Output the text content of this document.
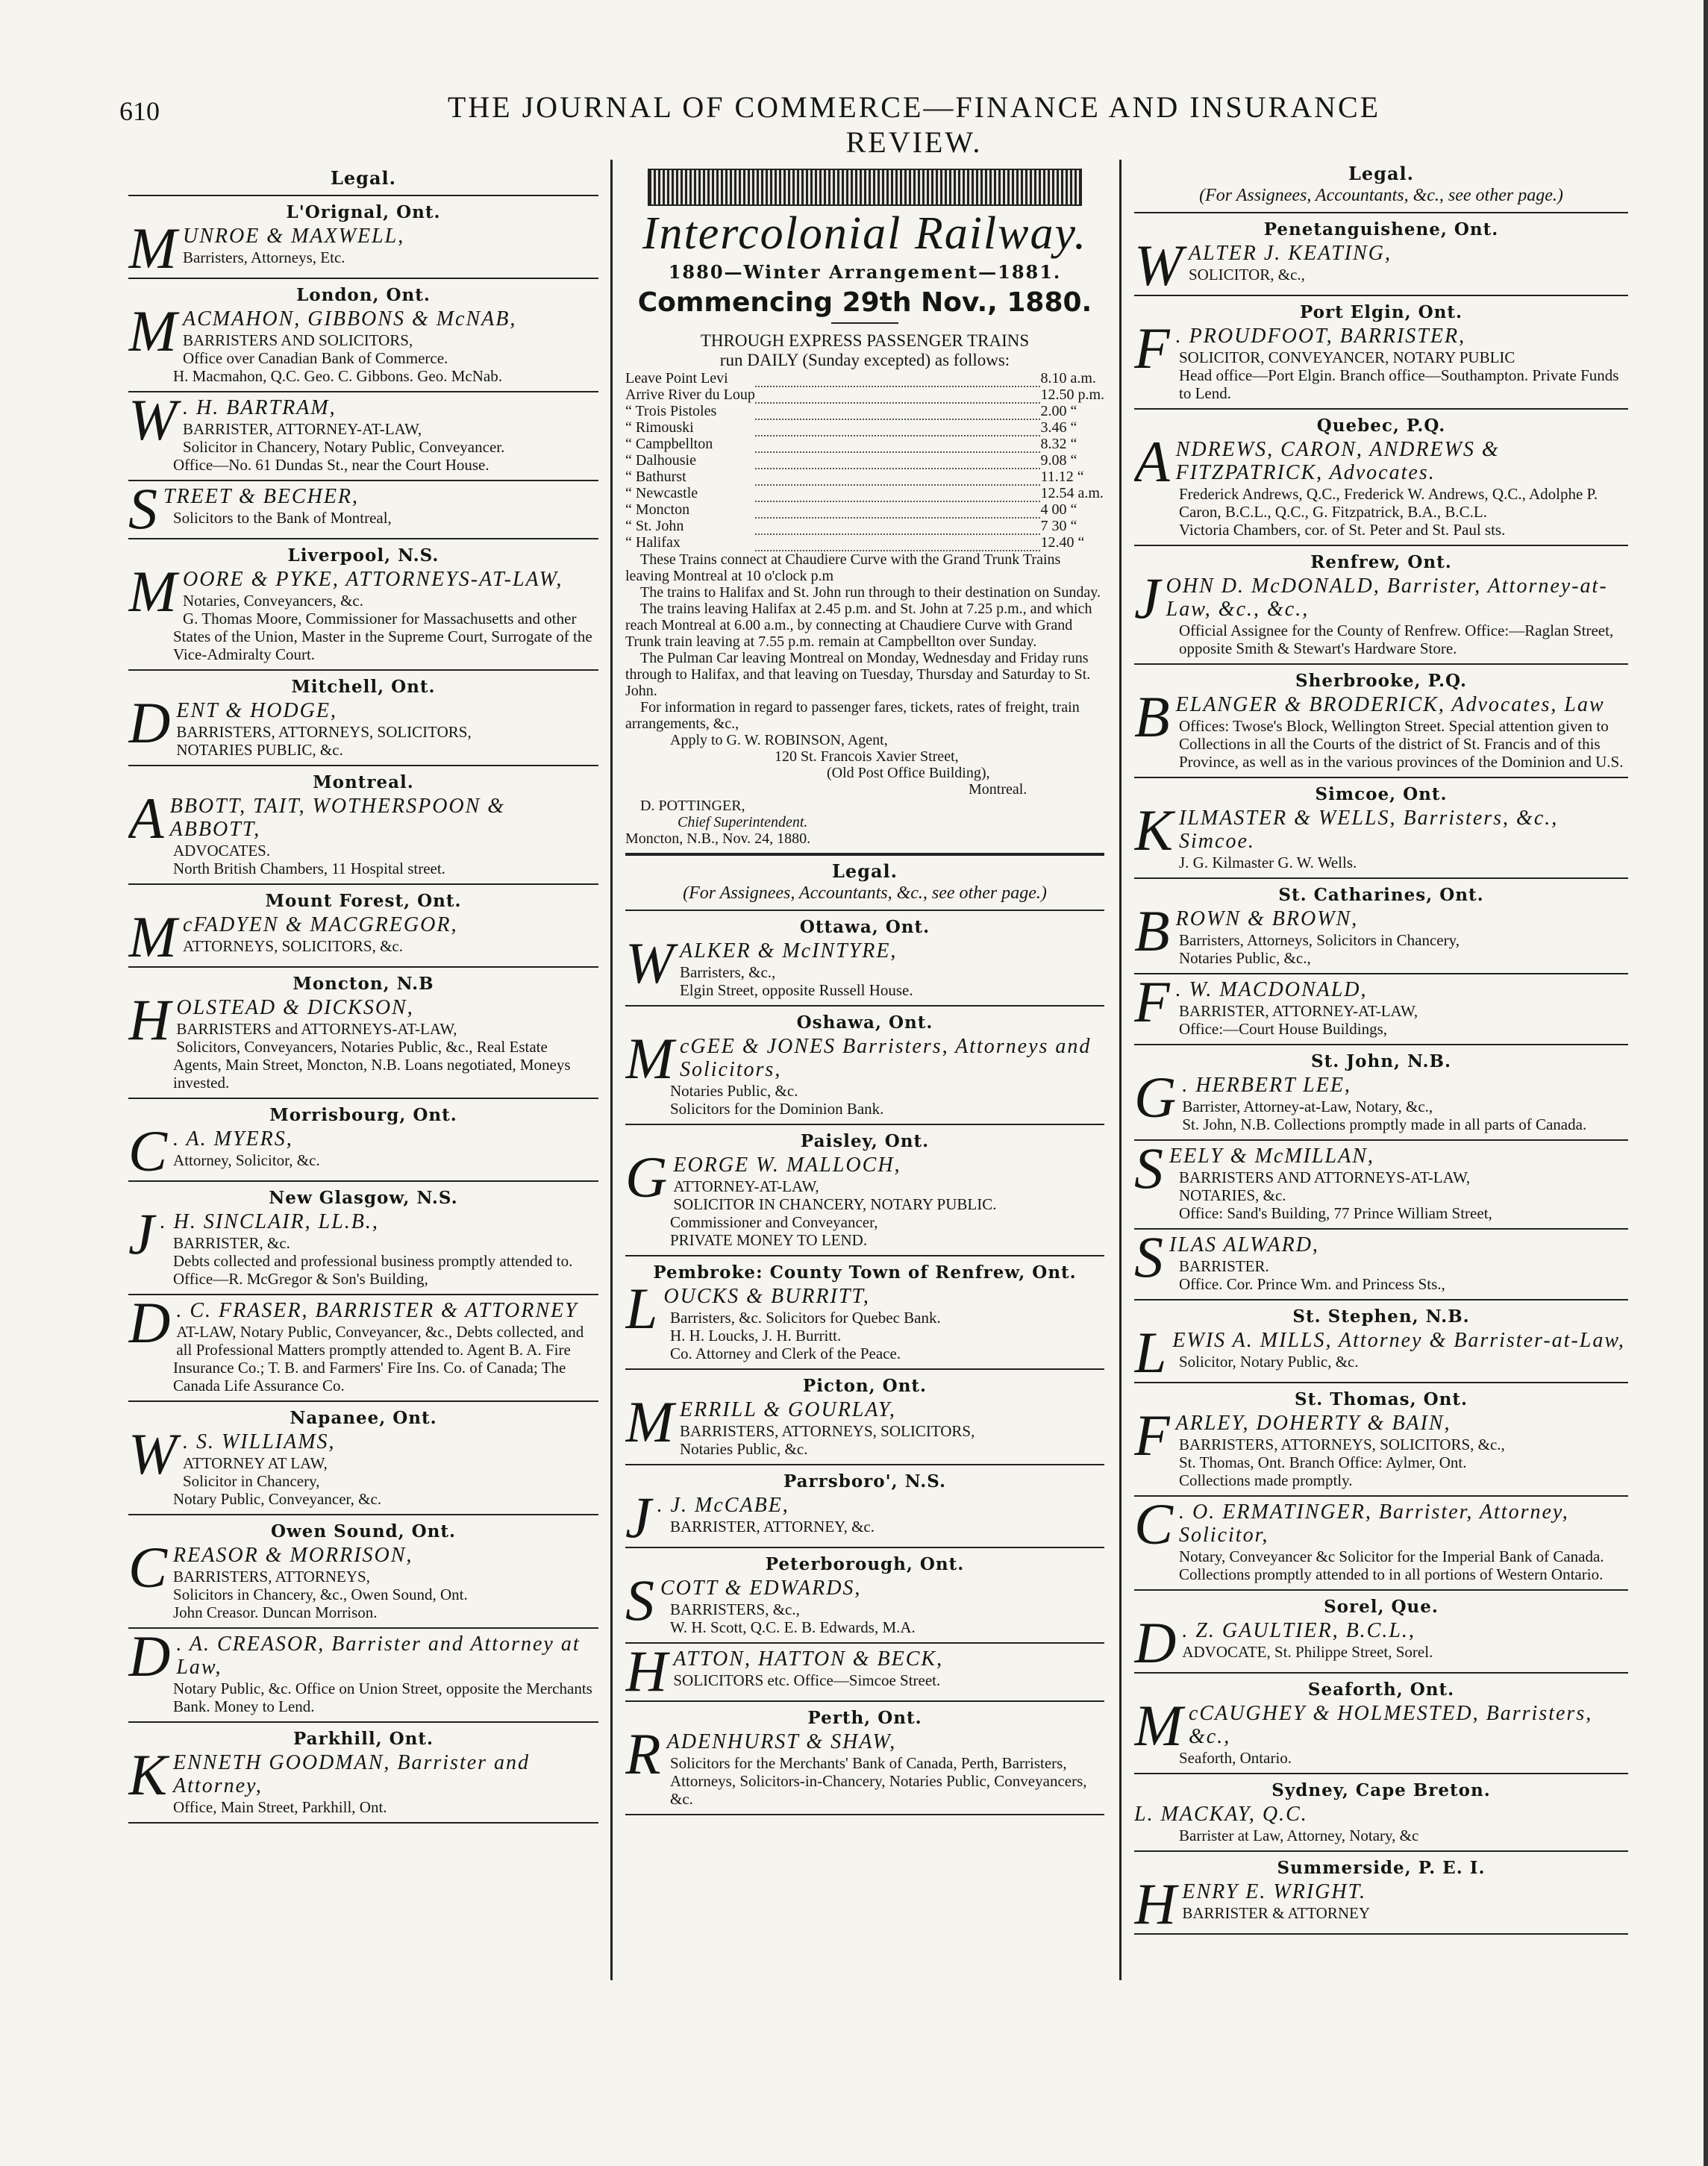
610	THE JOURNAL OF COMMERCE—FINANCE AND INSURANCE REVIEW.
Legal.
L'Orignal, Ont.
MUNROE & MAXWELL,
Barristers, Attorneys, Etc.
London, Ont.
MACMAHON, GIBBONS & McNAB,
BARRISTERS AND SOLICITORS,
Office over Canadian Bank of Commerce.
H. Macmahon, Q.C. Geo. C. Gibbons. Geo. McNab.
W . H. BARTRAM,
BARRISTER, ATTORNEY-AT-LAW,
Solicitor in Chancery, Notary Public, Conveyancer.
Office—No. 61 Dundas St., near the Court House.
STREET & BECHER,
Solicitors to the Bank of Montreal,
Liverpool, N.S.
MOORE & PYKE, ATTORNEYS-AT-LAW,
Notaries, Conveyancers, &c.
G. Thomas Moore, Commissioner for Massachusetts and other States of the Union, Master in the Supreme Court, Surrogate of the Vice-Admiralty Court.
Mitchell, Ont.
DENT & HODGE,
BARRISTERS, ATTORNEYS, SOLICITORS,
NOTARIES PUBLIC, &c.
Montreal.
ABBOTT, TAIT, WOTHERSPOON & ABBOTT,
ADVOCATES.
North British Chambers, 11 Hospital street.
Mount Forest, Ont.
McFADYEN & MACGREGOR,
ATTORNEYS, SOLICITORS, &c.
Moncton, N.B
HOLSTEAD & DICKSON,
BARRISTERS and ATTORNEYS-AT-LAW,
Solicitors, Conveyancers, Notaries Public, &c., Real Estate Agents, Main Street, Moncton, N.B. Loans negotiated, Moneys invested.
Morrisbourg, Ont.
C . A. MYERS,
Attorney, Solicitor, &c.
New Glasgow, N.S.
J . H. SINCLAIR, LL.B.,
BARRISTER, &c.
Debts collected and professional business promptly attended to. Office—R. McGregor & Son's Building,
D . C. FRASER, BARRISTER & ATTORNEY
AT-LAW, Notary Public, Conveyancer, &c., Debts collected, and all Professional Matters promptly attended to. Agent B. A. Fire Insurance Co.; T. B. and Farmers' Fire Ins. Co. of Canada; The Canada Life Assurance Co.
Napanee, Ont.
W . S. WILLIAMS,
ATTORNEY AT LAW,
Solicitor in Chancery,
Notary Public, Conveyancer, &c.
Owen Sound, Ont.
CREASOR & MORRISON,
BARRISTERS, ATTORNEYS,
Solicitors in Chancery, &c., Owen Sound, Ont.
John Creasor. Duncan Morrison.
D . A. CREASOR, Barrister and Attorney at Law,
Notary Public, &c. Office on Union Street, opposite the Merchants Bank. Money to Lend.
Parkhill, Ont.
KENNETH GOODMAN, Barrister and Attorney,
Office, Main Street, Parkhill, Ont.
Intercolonial Railway.
1880—Winter Arrangement—1881.
Commencing 29th Nov., 1880.
THROUGH EXPRESS PASSENGER TRAINS
run DAILY (Sunday excepted) as follows:
Leave Point Levi		8.10 a.m.
Arrive River du Loup		12.50 p.m.
“ Trois Pistoles		2.00 “
“ Rimouski		3.46 “
“ Campbellton		8.32 “
“ Dalhousie		9.08 “
“ Bathurst		11.12 “
“ Newcastle		12.54 a.m.
“ Moncton		4 00 “
“ St. John		7 30 “
“ Halifax		12.40 “
These Trains connect at Chaudiere Curve with the Grand Trunk Trains leaving Montreal at 10 o'clock p.m
The trains to Halifax and St. John run through to their destination on Sunday.
The trains leaving Halifax at 2.45 p.m. and St. John at 7.25 p.m., and which reach Montreal at 6.00 a.m., by connecting at Chaudiere Curve with Grand Trunk train leaving at 7.55 p.m. remain at Campbellton over Sunday.
The Pulman Car leaving Montreal on Monday, Wednesday and Friday runs through to Halifax, and that leaving on Tuesday, Thursday and Saturday to St. John.
For information in regard to passenger fares, tickets, rates of freight, train arrangements, &c.,
Apply to G. W. ROBINSON, Agent,
120 St. Francois Xavier Street,
(Old Post Office Building),
Montreal.
D. POTTINGER,
Chief Superintendent.
Moncton, N.B., Nov. 24, 1880.
Legal.
(For Assignees, Accountants, &c., see other page.)
Ottawa, Ont.
WALKER & McINTYRE,
Barristers, &c.,
Elgin Street, opposite Russell House.
Oshawa, Ont.
McGEE & JONES Barristers, Attorneys and Solicitors,
Notaries Public, &c.
Solicitors for the Dominion Bank.
Paisley, Ont.
GEORGE W. MALLOCH,
ATTORNEY-AT-LAW,
SOLICITOR IN CHANCERY, NOTARY PUBLIC.
Commissioner and Conveyancer,
PRIVATE MONEY TO LEND.
Pembroke: County Town of Renfrew, Ont.
LOUCKS & BURRITT,
Barristers, &c. Solicitors for Quebec Bank.
H. H. Loucks, J. H. Burritt.
Co. Attorney and Clerk of the Peace.
Picton, Ont.
MERRILL & GOURLAY,
BARRISTERS, ATTORNEYS, SOLICITORS,
Notaries Public, &c.
Parrsboro', N.S.
J . J. McCABE,
BARRISTER, ATTORNEY, &c.
Peterborough, Ont.
SCOTT & EDWARDS,
BARRISTERS, &c.,
W. H. Scott, Q.C. E. B. Edwards, M.A.
HATTON, HATTON & BECK,
SOLICITORS etc. Office—Simcoe Street.
Perth, Ont.
RADENHURST & SHAW,
Solicitors for the Merchants' Bank of Canada, Perth, Barristers, Attorneys, Solicitors-in-Chancery, Notaries Public, Conveyancers, &c.
Legal.
(For Assignees, Accountants, &c., see other page.)
Penetanguishene, Ont.
WALTER J. KEATING,
SOLICITOR, &c.,
Port Elgin, Ont.
F . PROUDFOOT, BARRISTER,
SOLICITOR, CONVEYANCER, NOTARY PUBLIC
Head office—Port Elgin. Branch office—Southampton. Private Funds to Lend.
Quebec, P.Q.
ANDREWS, CARON, ANDREWS & FITZPATRICK, Advocates.
Frederick Andrews, Q.C., Frederick W. Andrews, Q.C., Adolphe P. Caron, B.C.L., Q.C., G. Fitzpatrick, B.A., B.C.L.
Victoria Chambers, cor. of St. Peter and St. Paul sts.
Renfrew, Ont.
JOHN D. McDONALD, Barrister, Attorney-at-Law, &c., &c.,
Official Assignee for the County of Renfrew. Office:—Raglan Street, opposite Smith & Stewart's Hardware Store.
Sherbrooke, P.Q.
BELANGER & BRODERICK, Advocates, Law
Offices: Twose's Block, Wellington Street. Special attention given to Collections in all the Courts of the district of St. Francis and of this Province, as well as in the various provinces of the Dominion and U.S.
Simcoe, Ont.
KILMASTER & WELLS, Barristers, &c., Simcoe.
J. G. Kilmaster G. W. Wells.
St. Catharines, Ont.
BROWN & BROWN,
Barristers, Attorneys, Solicitors in Chancery,
Notaries Public, &c.,
F . W. MACDONALD,
BARRISTER, ATTORNEY-AT-LAW,
Office:—Court House Buildings,
St. John, N.B.
G . HERBERT LEE,
Barrister, Attorney-at-Law, Notary, &c.,
St. John, N.B. Collections promptly made in all parts of Canada.
SEELY & McMILLAN,
BARRISTERS AND ATTORNEYS-AT-LAW,
NOTARIES, &c.
Office: Sand's Building, 77 Prince William Street,
SILAS ALWARD,
BARRISTER.
Office. Cor. Prince Wm. and Princess Sts.,
St. Stephen, N.B.
LEWIS A. MILLS, Attorney & Barrister-at-Law,
Solicitor, Notary Public, &c.
St. Thomas, Ont.
FARLEY, DOHERTY & BAIN,
BARRISTERS, ATTORNEYS, SOLICITORS, &c.,
St. Thomas, Ont. Branch Office: Aylmer, Ont.
Collections made promptly.
C . O. ERMATINGER, Barrister, Attorney, Solicitor,
Notary, Conveyancer &c Solicitor for the Imperial Bank of Canada. Collections promptly attended to in all portions of Western Ontario.
Sorel, Que.
D . Z. GAULTIER, B.C.L.,
ADVOCATE, St. Philippe Street, Sorel.
Seaforth, Ont.
McCAUGHEY & HOLMESTED, Barristers, &c.,
Seaforth, Ontario.
Sydney, Cape Breton.
L. MACKAY, Q.C.
Barrister at Law, Attorney, Notary, &c
Summerside, P. E. I.
HENRY E. WRIGHT.
BARRISTER & ATTORNEY
